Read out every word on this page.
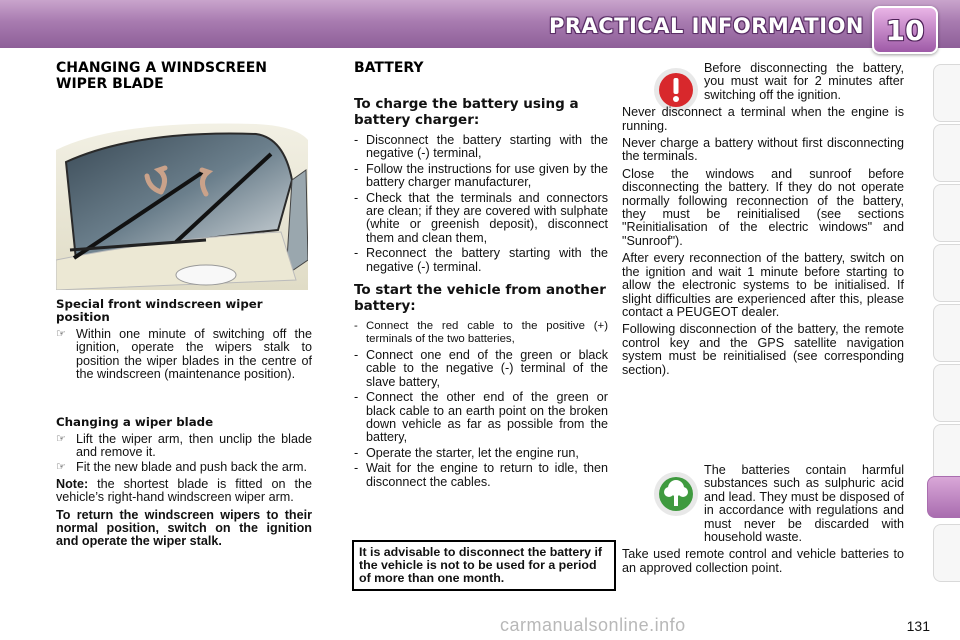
PRACTICAL INFORMATION 10
CHANGING A WINDSCREEN
WIPER BLADE
Special front windscreen wiper position
☞ Within one minute of switching off the ignition, operate the wipers stalk to position the wiper blades in the centre of the windscreen (maintenance position).
Changing a wiper blade
☞ Lift the wiper arm, then unclip the blade and remove it.
☞ Fit the new blade and push back the arm.

Note: the shortest blade is fitted on the vehicle’s right-hand windscreen wiper arm.

To return the windscreen wipers to their normal position, switch on the ignition and operate the wiper stalk.

BATTERY
To charge the battery using a battery charger:
- Disconnect the battery starting with the negative (-) terminal,
- Follow the instructions for use given by the battery charger manufacturer,
- Check that the terminals and connectors are clean; if they are covered with sulphate (white or greenish deposit), disconnect them and clean them,
- Reconnect the battery starting with the negative (-) terminal.
To start the vehicle from another battery:
- Connect the red cable to the positive (+) terminals of the two batteries,
- Connect one end of the green or black cable to the negative (-) terminal of the slave battery,
- Connect the other end of the green or black cable to an earth point on the broken down vehicle as far as possible from the battery,
- Operate the starter, let the engine run,
- Wait for the engine to return to idle, then disconnect the cables.
It is advisable to disconnect the battery if the vehicle is not to be used for a period of more than one month.

Before disconnecting the battery, you must wait for 2 minutes after switching off the ignition.

Never disconnect a terminal when the engine is running.

Never charge a battery without first disconnecting the terminals.

Close the windows and sunroof before disconnecting the battery. If they do not operate normally following reconnection of the battery, they must be reinitialised (see sections "Reinitialisation of the electric windows" and "Sunroof").

After every reconnection of the battery, switch on the ignition and wait 1 minute before starting to allow the electronic systems to be initialised. If slight difficulties are experienced after this, please contact a PEUGEOT dealer.

Following disconnection of the battery, the remote control key and the GPS satellite navigation system must be reinitialised (see corresponding section).

The batteries contain harmful substances such as sulphuric acid and lead. They must be disposed of in accordance with regulations and must never be discarded with household waste.

Take used remote control and vehicle batteries to an approved collection point.

carmanualsonline.info	131
